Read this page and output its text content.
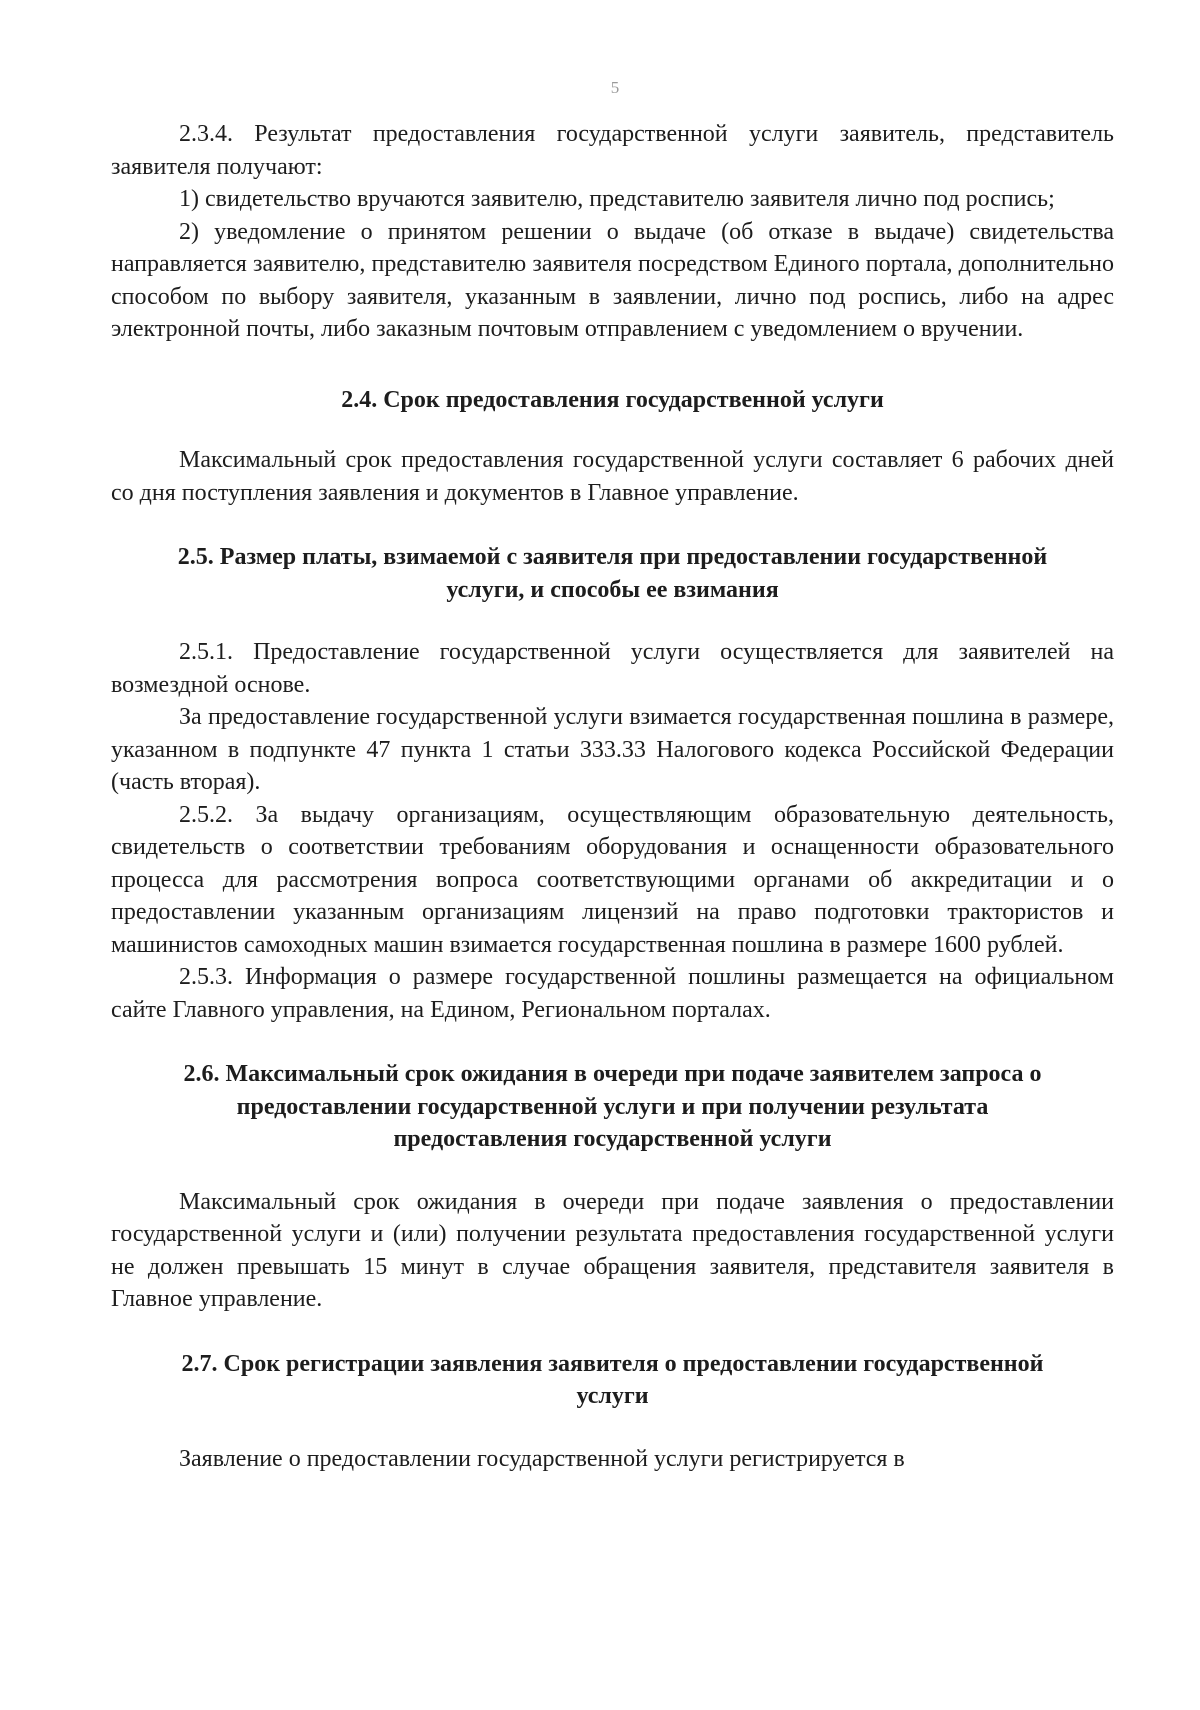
5

2.3.4. Результат предоставления государственной услуги заявитель, представитель заявителя получают:

1) свидетельство вручаются заявителю, представителю заявителя лично под роспись;

2) уведомление о принятом решении о выдаче (об отказе в выдаче) свидетельства направляется заявителю, представителю заявителя посредством Единого портала, дополнительно способом по выбору заявителя, указанным в заявлении, лично под роспись, либо на адрес электронной почты, либо заказным почтовым отправлением с уведомлением о вручении.

2.4. Срок предоставления государственной услуги

Максимальный срок предоставления государственной услуги составляет 6 рабочих дней со дня поступления заявления и документов в Главное управление.

2.5. Размер платы, взимаемой с заявителя при предоставлении государственной услуги, и способы ее взимания

2.5.1. Предоставление государственной услуги осуществляется для заявителей на возмездной основе.

За предоставление государственной услуги взимается государственная пошлина в размере, указанном в подпункте 47 пункта 1 статьи 333.33 Налогового кодекса Российской Федерации (часть вторая).

2.5.2. За выдачу организациям, осуществляющим образовательную деятельность, свидетельств о соответствии требованиям оборудования и оснащенности образовательного процесса для рассмотрения вопроса соответствующими органами об аккредитации и о предоставлении указанным организациям лицензий на право подготовки трактористов и машинистов самоходных машин взимается государственная пошлина в размере 1600 рублей.

2.5.3. Информация о размере государственной пошлины размещается на официальном сайте Главного управления, на Едином, Региональном порталах.

2.6. Максимальный срок ожидания в очереди при подаче заявителем запроса о предоставлении государственной услуги и при получении результата предоставления государственной услуги

Максимальный срок ожидания в очереди при подаче заявления о предоставлении государственной услуги и (или) получении результата предоставления государственной услуги не должен превышать 15 минут в случае обращения заявителя, представителя заявителя в Главное управление.

2.7. Срок регистрации заявления заявителя о предоставлении государственной услуги

Заявление о предоставлении государственной услуги регистрируется в
